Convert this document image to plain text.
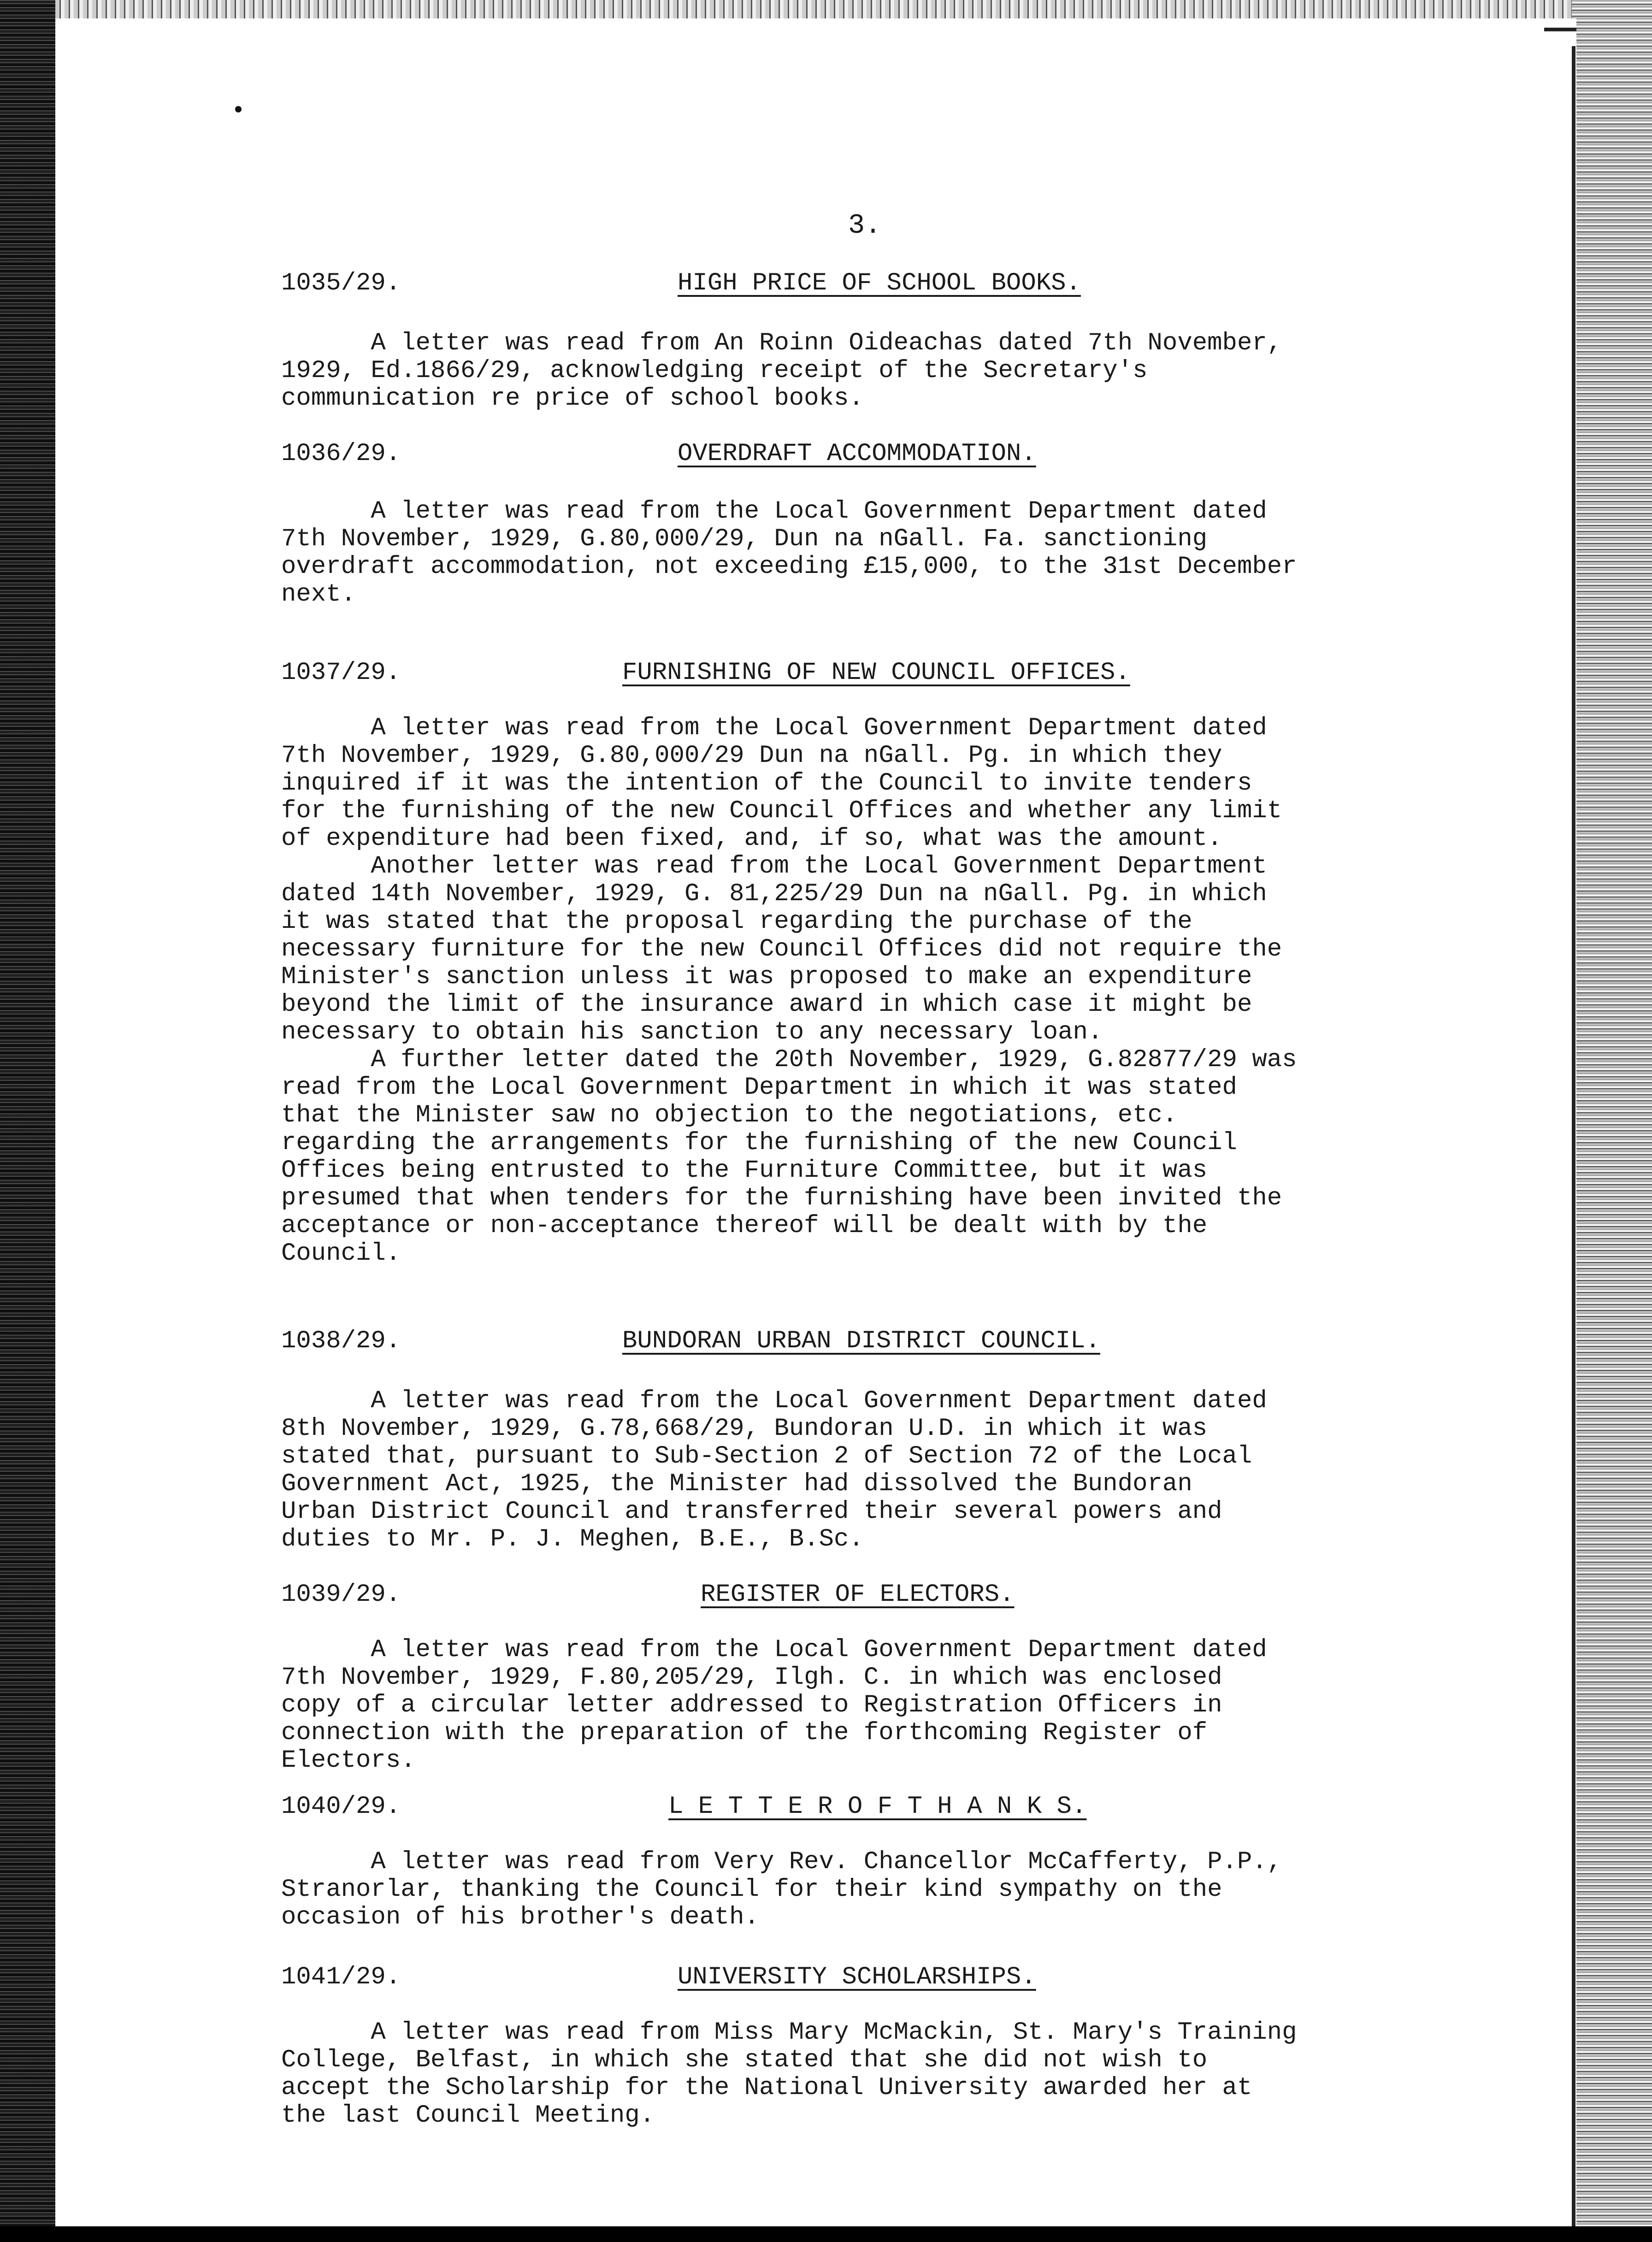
3.
1035/29.	HIGH PRICE OF SCHOOL BOOKS.
A letter was read from An Roinn Oideachas dated 7th November,
1929, Ed.1866/29, acknowledging receipt of the Secretary's
communication re price of school books.
1036/29.	OVERDRAFT ACCOMMODATION.
A letter was read from the Local Government Department dated
7th November, 1929, G.80,000/29, Dun na nGall. Fa. sanctioning
overdraft accommodation, not exceeding £15,000, to the 31st December
next.
1037/29.	FURNISHING OF NEW COUNCIL OFFICES.
A letter was read from the Local Government Department dated
7th November, 1929, G.80,000/29 Dun na nGall. Pg. in which they
inquired if it was the intention of the Council to invite tenders
for the furnishing of the new Council Offices and whether any limit
of expenditure had been fixed, and, if so, what was the amount.
Another letter was read from the Local Government Department
dated 14th November, 1929, G. 81,225/29 Dun na nGall. Pg. in which
it was stated that the proposal regarding the purchase of the
necessary furniture for the new Council Offices did not require the
Minister's sanction unless it was proposed to make an expenditure
beyond the limit of the insurance award in which case it might be
necessary to obtain his sanction to any necessary loan.
A further letter dated the 20th November, 1929, G.82877/29 was
read from the Local Government Department in which it was stated
that the Minister saw no objection to the negotiations, etc.
regarding the arrangements for the furnishing of the new Council
Offices being entrusted to the Furniture Committee, but it was
presumed that when tenders for the furnishing have been invited the
acceptance or non-acceptance thereof will be dealt with by the
Council.
1038/29.	BUNDORAN URBAN DISTRICT COUNCIL.
A letter was read from the Local Government Department dated
8th November, 1929, G.78,668/29, Bundoran U.D. in which it was
stated that, pursuant to Sub-Section 2 of Section 72 of the Local
Government Act, 1925, the Minister had dissolved the Bundoran
Urban District Council and transferred their several powers and
duties to Mr. P. J. Meghen, B.E., B.Sc.
1039/29.	REGISTER OF ELECTORS.
A letter was read from the Local Government Department dated
7th November, 1929, F.80,205/29, Ilgh. C. in which was enclosed
copy of a circular letter addressed to Registration Officers in
connection with the preparation of the forthcoming Register of
Electors.
1040/29.	L E T T E R O F T H A N K S.
A letter was read from Very Rev. Chancellor McCafferty, P.P.,
Stranorlar, thanking the Council for their kind sympathy on the
occasion of his brother's death.
1041/29.	UNIVERSITY SCHOLARSHIPS.
A letter was read from Miss Mary McMackin, St. Mary's Training
College, Belfast, in which she stated that she did not wish to
accept the Scholarship for the National University awarded her at
the last Council Meeting.
